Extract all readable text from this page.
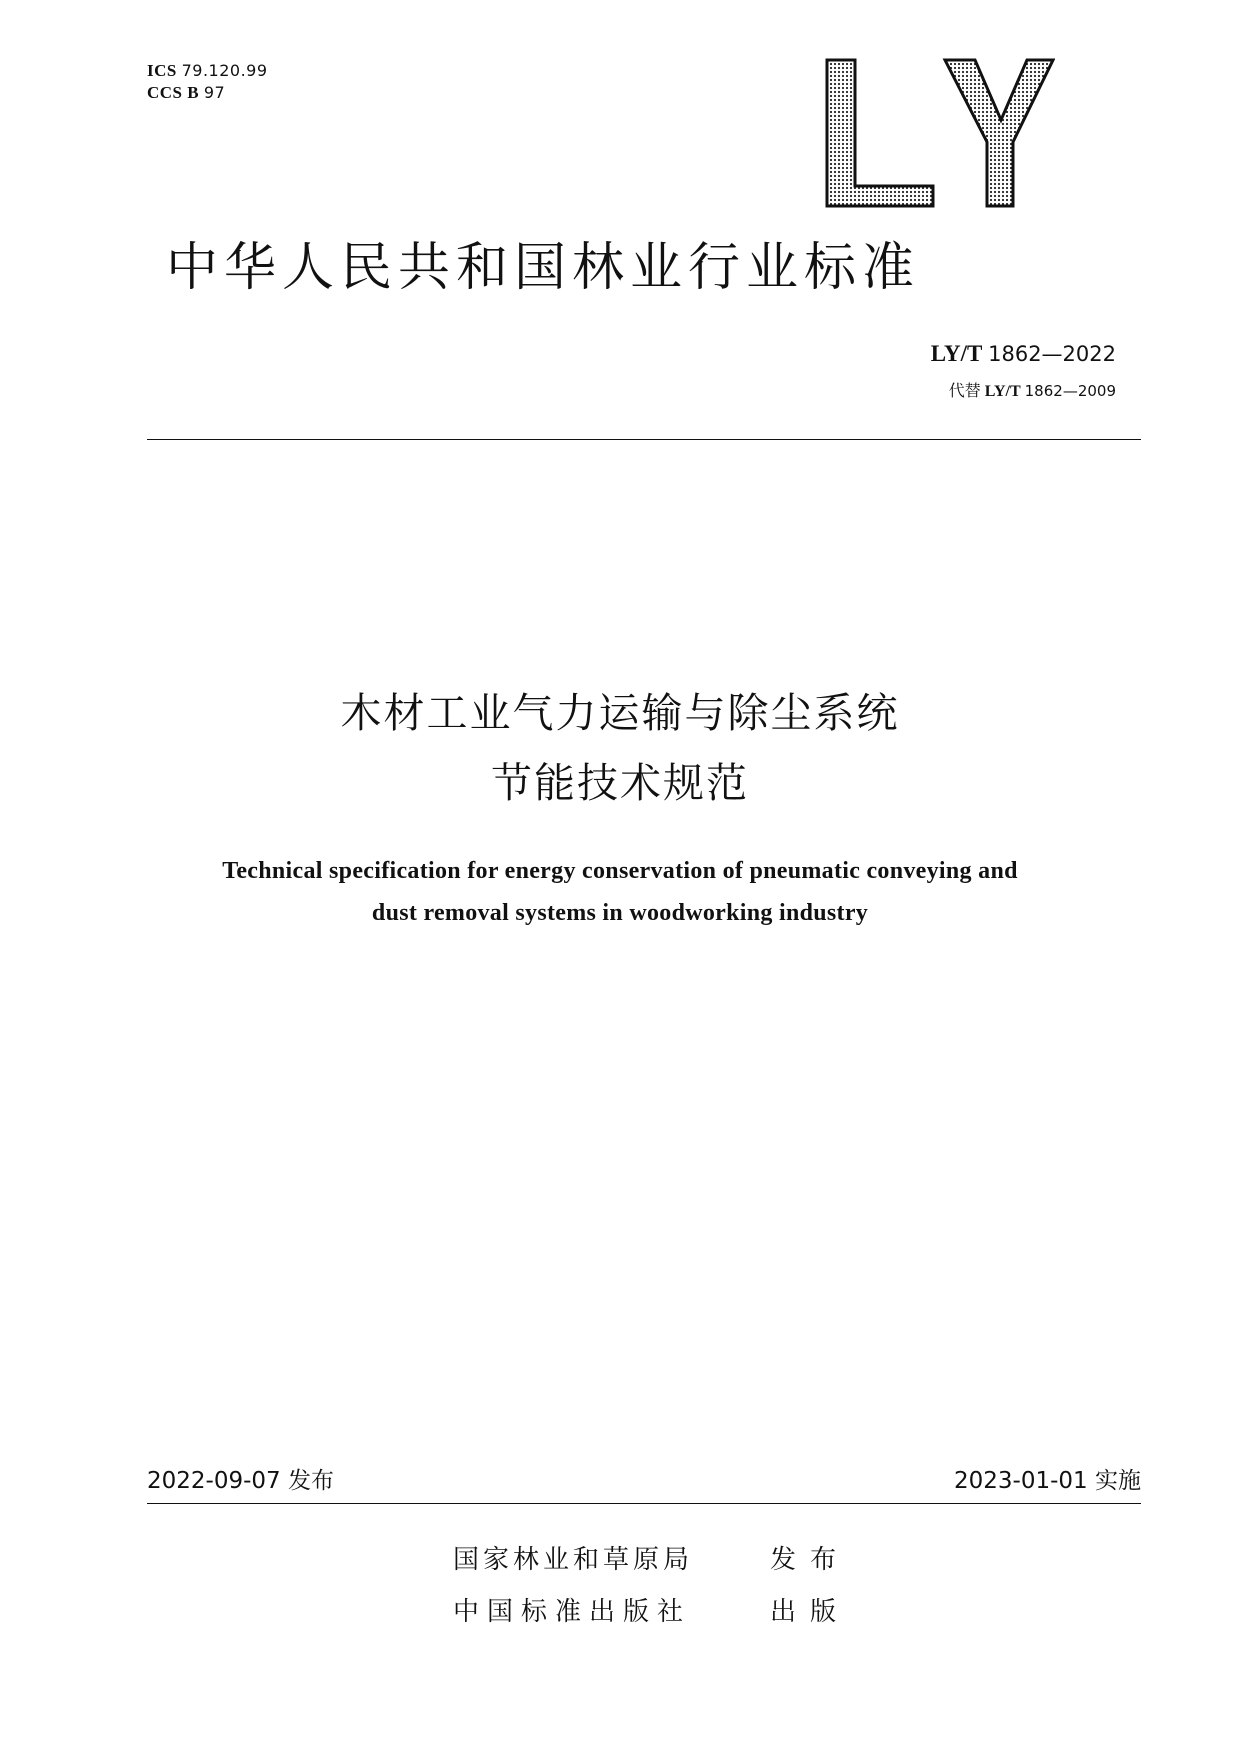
ICS 79.120.99
CCS B 97
中华人民共和国林业行业标准
LY/T 1862—2022
代替 LY/T 1862—2009
木材工业气力运输与除尘系统
节能技术规范
Technical specification for energy conservation of pneumatic conveying and
dust removal systems in woodworking industry
2022-09-07 发布	2023-01-01 实施
国家林业和草原局	发布
中国标准出版社	出版
